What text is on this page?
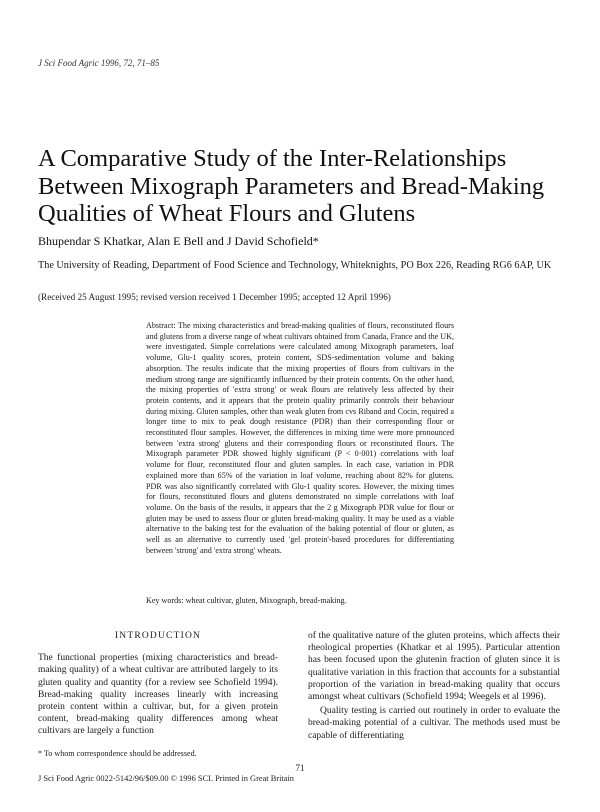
J Sci Food Agric 1996, 72, 71–85
A Comparative Study of the Inter-Relationships Between Mixograph Parameters and Bread-Making Qualities of Wheat Flours and Glutens
Bhupendar S Khatkar, Alan E Bell and J David Schofield*
The University of Reading, Department of Food Science and Technology, Whiteknights, PO Box 226, Reading RG6 6AP, UK
(Received 25 August 1995; revised version received 1 December 1995; accepted 12 April 1996)
Abstract: The mixing characteristics and bread-making qualities of flours, reconstituted flours and glutens from a diverse range of wheat cultivars obtained from Canada, France and the UK, were investigated. Simple correlations were calculated among Mixograph parameters, loaf volume, Glu-1 quality scores, protein content, SDS-sedimentation volume and baking absorption. The results indicate that the mixing properties of flours from cultivars in the medium strong range are significantly influenced by their protein contents. On the other hand, the mixing properties of 'extra strong' or weak flours are relatively less affected by their protein contents, and it appears that the protein quality primarily controls their behaviour during mixing. Gluten samples, other than weak gluten from cvs Riband and Cocin, required a longer time to mix to peak dough resistance (PDR) than their corresponding flour or reconstituted flour samples. However, the differences in mixing time were more pronounced between 'extra strong' glutens and their corresponding flours or reconstituted flours. The Mixograph parameter PDR showed highly significant (P < 0·001) correlations with loaf volume for flour, reconstituted flour and gluten samples. In each case, variation in PDR explained more than 65% of the variation in loaf volume, reaching about 82% for glutens. PDR was also significantly correlated with Glu-1 quality scores. However, the mixing times for flours, reconstituted flours and glutens demonstrated no simple correlations with loaf volume. On the basis of the results, it appears that the 2 g Mixograph PDR value for flour or gluten may be used to assess flour or gluten bread-making quality. It may be used as a viable alternative to the baking test for the evaluation of the baking potential of flour or gluten, as well as an alternative to currently used 'gel protein'-based procedures for differentiating between 'strong' and 'extra strong' wheats.
Key words: wheat cultivar, gluten, Mixograph, bread-making.
INTRODUCTION

The functional properties (mixing characteristics and bread-making quality) of a wheat cultivar are attributed largely to its gluten quality and quantity (for a review see Schofield 1994). Bread-making quality increases linearly with increasing protein content within a cultivar, but, for a given protein content, bread-making quality differences among wheat cultivars are largely a function

of the qualitative nature of the gluten proteins, which affects their rheological properties (Khatkar et al 1995). Particular attention has been focused upon the glutenin fraction of gluten since it is qualitative variation in this fraction that accounts for a substantial proportion of the variation in bread-making quality that occurs amongst wheat cultivars (Schofield 1994; Weegels et al 1996).

Quality testing is carried out routinely in order to evaluate the bread-making potential of a cultivar. The methods used must be capable of differentiating

* To whom correspondence should be addressed.
71
J Sci Food Agric 0022-5142/96/$09.00 © 1996 SCI. Printed in Great Britain
